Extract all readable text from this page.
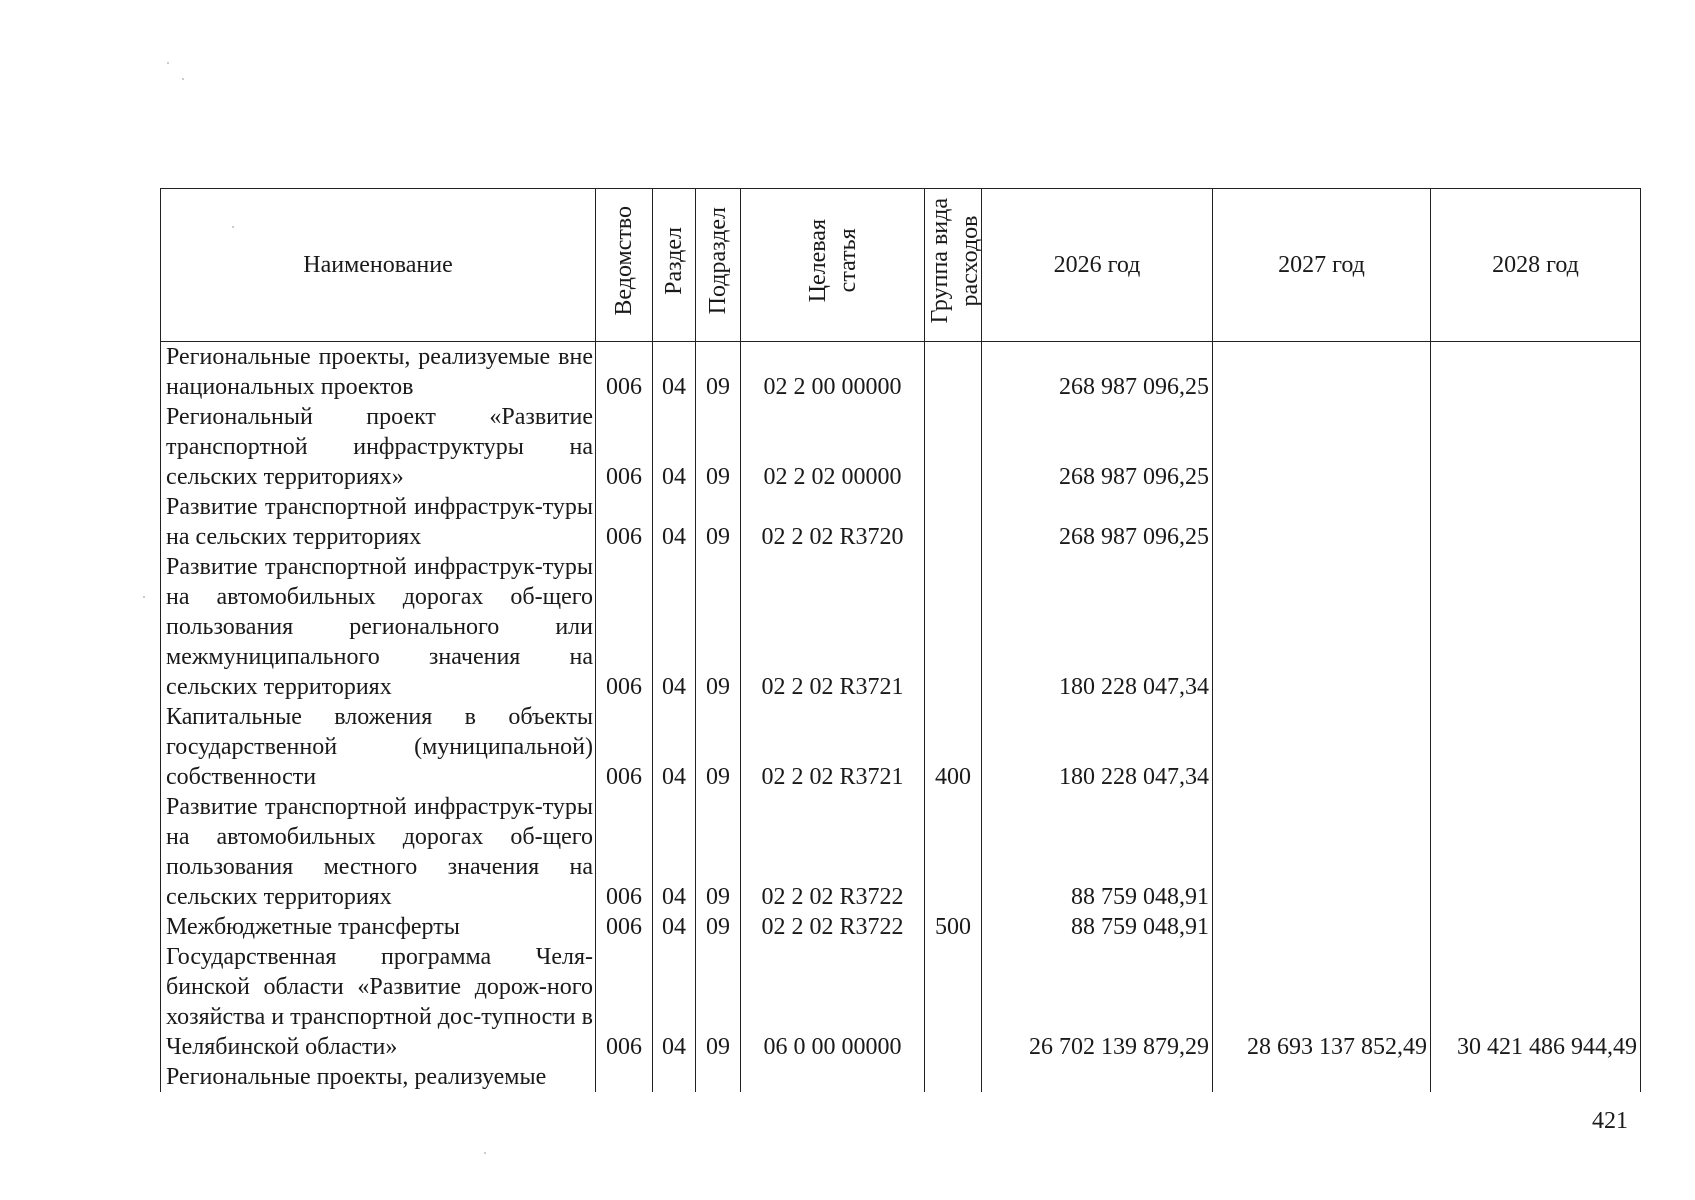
Наименование	Ведомство	Раздел	Подраздел	Целевая статья	Группа вида расходов	2026 год	2027 год	2028 год
Региональные проекты, реализуемые вне национальных проектов	006	04	09	02 2 00 00000		268 987 096,25		
Региональный проект «Развитие транспортной инфраструктуры на сельских территориях»	006	04	09	02 2 02 00000		268 987 096,25		
Развитие транспортной инфраструк-туры на сельских территориях	006	04	09	02 2 02 R3720		268 987 096,25		
Развитие транспортной инфраструк-туры на автомобильных дорогах об-щего пользования регионального или межмуниципального значения на сельских территориях	006	04	09	02 2 02 R3721		180 228 047,34		
Капитальные вложения в объекты государственной (муниципальной) собственности	006	04	09	02 2 02 R3721	400	180 228 047,34		
Развитие транспортной инфраструк-туры на автомобильных дорогах об-щего пользования местного значения на сельских территориях	006	04	09	02 2 02 R3722		88 759 048,91		
Межбюджетные трансферты	006	04	09	02 2 02 R3722	500	88 759 048,91		
Государственная программа Челя-бинской области «Развитие дорож-ного хозяйства и транспортной дос-тупности в Челябинской области»	006	04	09	06 0 00 00000		26 702 139 879,29	28 693 137 852,49	30 421 486 944,49
Региональные проекты, реализуемые								
421
